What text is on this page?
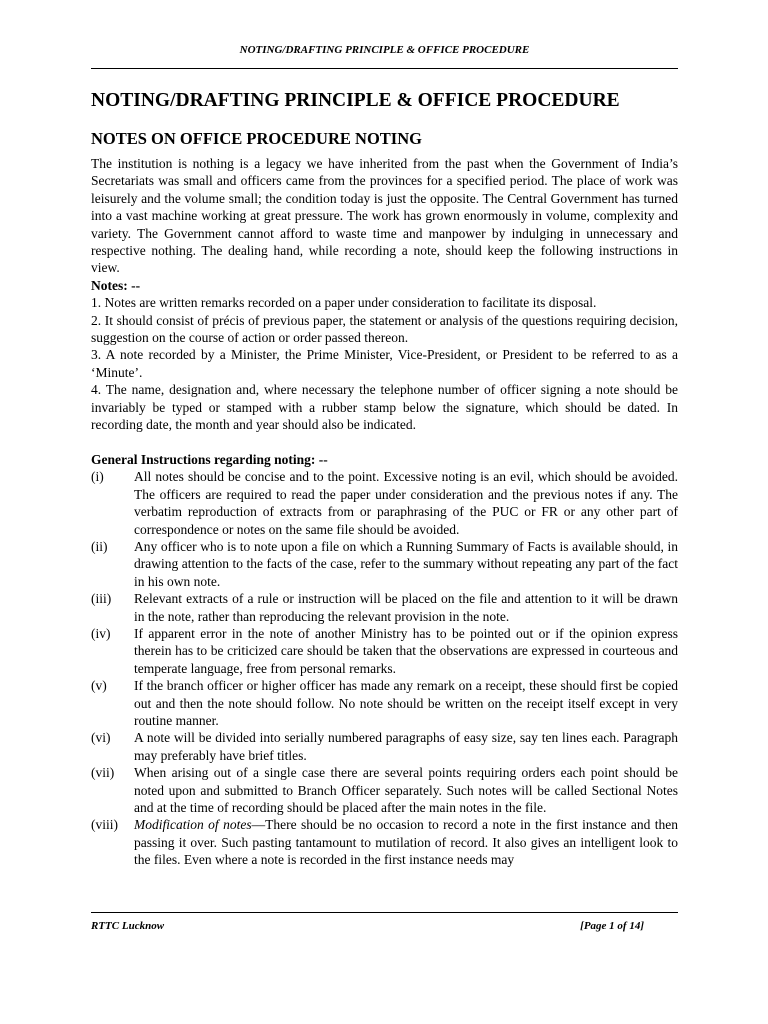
NOTING/DRAFTING PRINCIPLE & OFFICE PROCEDURE
NOTING/DRAFTING PRINCIPLE & OFFICE PROCEDURE
NOTES ON OFFICE PROCEDURE NOTING

The institution is nothing is a legacy we have inherited from the past when the Government of India’s Secretariats was small and officers came from the provinces for a specified period. The place of work was leisurely and the volume small; the condition today is just the opposite. The Central Government has turned into a vast machine working at great pressure. The work has grown enormously in volume, complexity and variety. The Government cannot afford to waste time and manpower by indulging in unnecessary and respective nothing. The dealing hand, while recording a note, should keep the following instructions in view.

Notes: --

1. Notes are written remarks recorded on a paper under consideration to facilitate its disposal.

2. It should consist of précis of previous paper, the statement or analysis of the questions requiring decision, suggestion on the course of action or order passed thereon.

3. A note recorded by a Minister, the Prime Minister, Vice-President, or President to be referred to as a ‘Minute’.

4. The name, designation and, where necessary the telephone number of officer signing a note should be invariably be typed or stamped with a rubber stamp below the signature, which should be dated. In recording date, the month and year should also be indicated.

General Instructions regarding noting: --

(i)	All notes should be concise and to the point. Excessive noting is an evil, which should be avoided. The officers are required to read the paper under consideration and the previous notes if any. The verbatim reproduction of extracts from or paraphrasing of the PUC or FR or any other part of correspondence or notes on the same file should be avoided.
(ii)	Any officer who is to note upon a file on which a Running Summary of Facts is available should, in drawing attention to the facts of the case, refer to the summary without repeating any part of the fact in his own note.
(iii)	Relevant extracts of a rule or instruction will be placed on the file and attention to it will be drawn in the note, rather than reproducing the relevant provision in the note.
(iv)	If apparent error in the note of another Ministry has to be pointed out or if the opinion express therein has to be criticized care should be taken that the observations are expressed in courteous and temperate language, free from personal remarks.
(v)	If the branch officer or higher officer has made any remark on a receipt, these should first be copied out and then the note should follow. No note should be written on the receipt itself except in very routine manner.
(vi)	A note will be divided into serially numbered paragraphs of easy size, say ten lines each. Paragraph may preferably have brief titles.
(vii)	When arising out of a single case there are several points requiring orders each point should be noted upon and submitted to Branch Officer separately. Such notes will be called Sectional Notes and at the time of recording should be placed after the main notes in the file.
(viii)	Modification of notes—There should be no occasion to record a note in the first instance and then passing it over. Such pasting tantamount to mutilation of record. It also gives an intelligent look to the files. Even where a note is recorded in the first instance needs may
RTTC Lucknow	[Page 1 of 14]
